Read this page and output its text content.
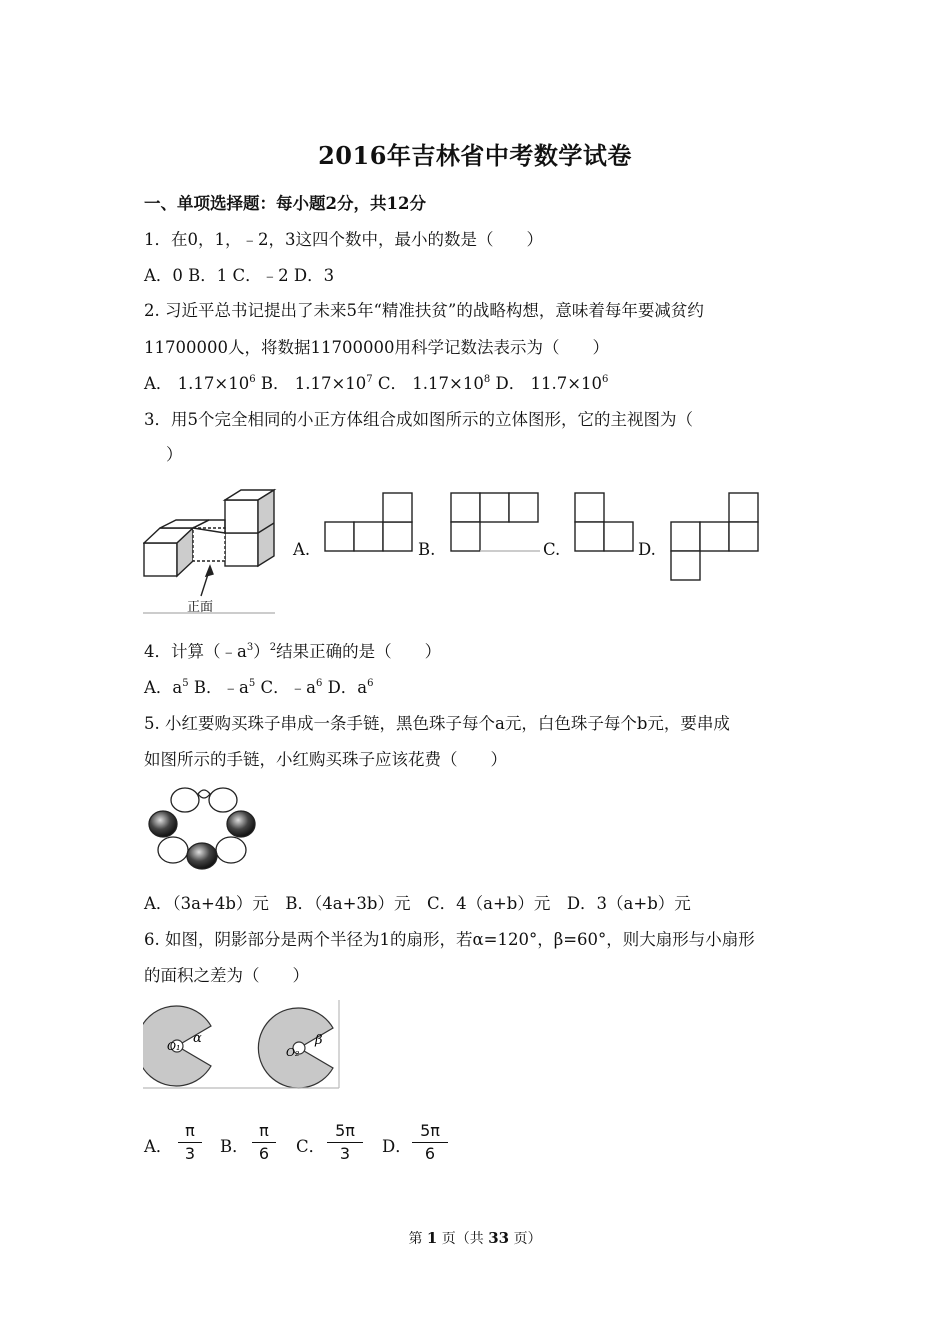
2016年吉林省中考数学试卷
一、单项选择题：每小题2分，共12分
1．在0，1，﹣2，3这四个数中，最小的数是（　　）
A．0 B．1 C．﹣2 D．3
2. 习近平总书记提出了未来5年“精准扶贫”的战略构想，意味着每年要减贫约
11700000人，将数据11700000用科学记数法表示为（　　）
A． $1.17\times 10^6$ B． $1.17\times 10^7$ C． $1.17\times 10^8$ D． $11.7\times 10^6$
3．用5个完全相同的小正方体组合成如图所示的立体图形，它的主视图为（
）
正面
A.	B.	C.	D.
4．计算$(﹣a^3)^2$结果正确的是（　　）
A．$a^5$ B．$﹣a^5$ C．$﹣a^6$ D．$a^6$
5. 小红要购买珠子串成一条手链，黑色珠子每个a元，白色珠子每个b元，要串成
如图所示的手链，小红购买珠子应该花费（　　）
A．（3a+4b）元　B．（4a+3b）元　C．4（a+b）元　D．3（a+b）元
6. 如图，阴影部分是两个半径为1的扇形，若α=120°，β=60°，则大扇形与小扇形
的面积之差为（　　）
α	β
O₁	O₂
A．
π
3	B．
π
6	C．
5π
3	D．
5π
6
第 1 页（共 33 页）
